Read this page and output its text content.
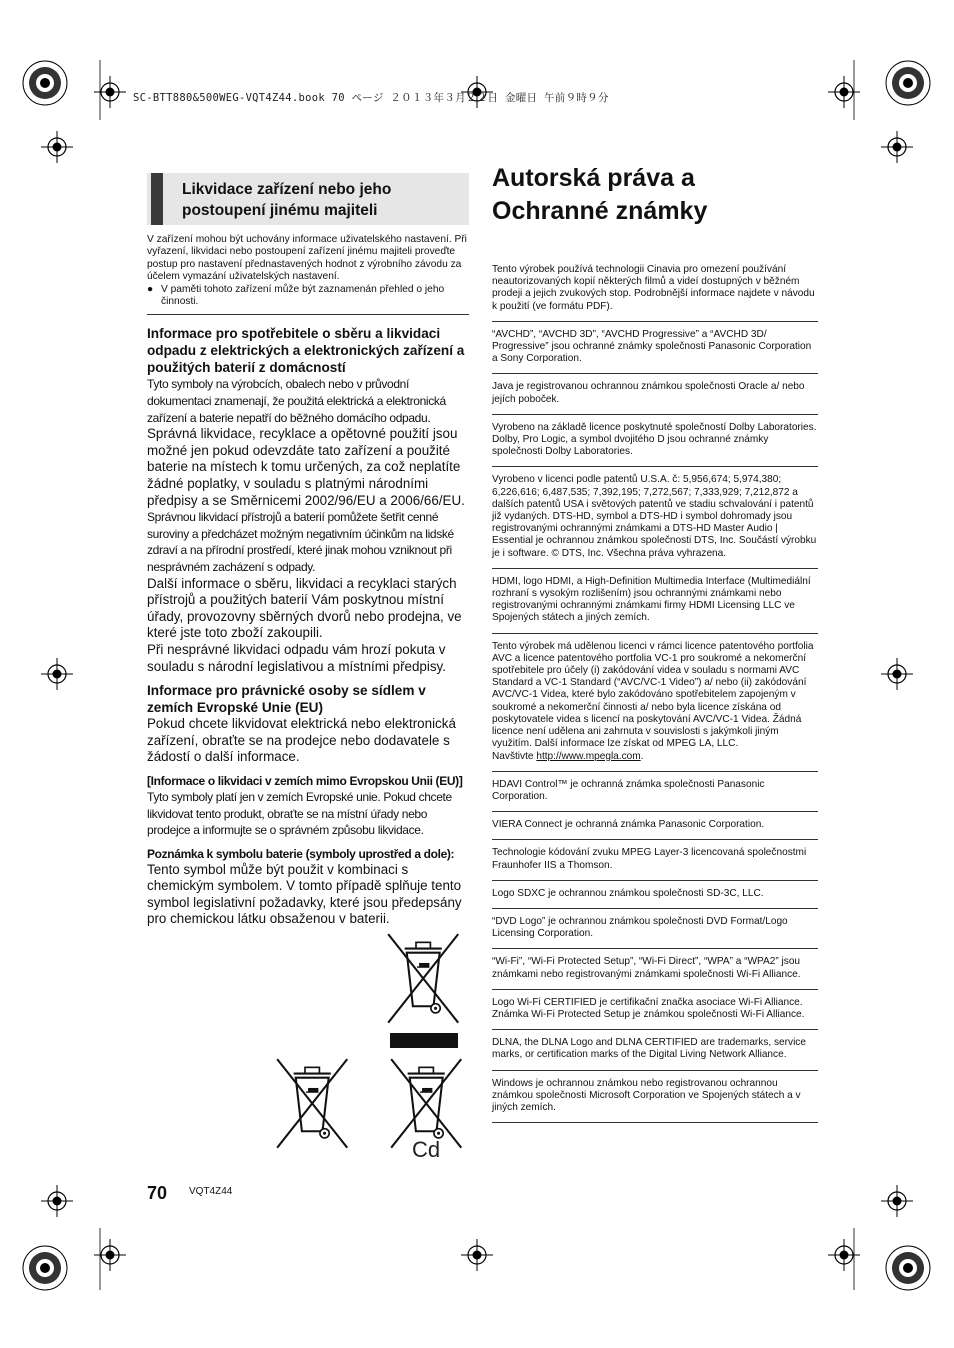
SC-BTT880&500WEG-VQT4Z44.book 70 ページ ２０１３年３月２２日 金曜日 午前９時９分
Likvidace zařízení nebo jeho
postoupení jinému majiteli
V zařízení mohou být uchovány informace uživatelského nastavení. Při vyřazení, likvidaci nebo postoupení zařízení jinému majiteli proveďte postup pro nastavení přednastavených hodnot z výrobního závodu za účelem vymazání uživatelských nastavení.
● V paměti tohoto zařízení může být zaznamenán přehled o jeho činnosti.
Informace pro spotřebitele o sběru a likvidaci odpadu z elektrických a elektronických zařízení a použitých baterií z domácností
Tyto symboly na výrobcích, obalech nebo v průvodní dokumentaci znamenají, že použitá elektrická a elektronická zařízení a baterie nepatří do běžného domácího odpadu.
Správná likvidace, recyklace a opětovné použití jsou možné jen pokud odevzdáte tato zařízení a použité baterie na místech k tomu určených, za což neplatíte žádné poplatky, v souladu s platnými národními předpisy a se Směrnicemi 2002/96/EU a 2006/66/EU.
Správnou likvidací přístrojů a baterií pomůžete šetřit cenné suroviny a předcházet možným negativním účinkům na lidské zdraví a na přírodní prostředí, které jinak mohou vzniknout při nesprávném zacházení s odpady.
Další informace o sběru, likvidaci a recyklaci starých přístrojů a použitých baterií Vám poskytnou místní úřady, provozovny sběrných dvorů nebo prodejna, ve které jste toto zboží zakoupili.
Při nesprávné likvidaci odpadu vám hrozí pokuta v souladu s národní legislativou a místními předpisy.
Informace pro právnické osoby se sídlem v zemích Evropské Unie (EU)
Pokud chcete likvidovat elektrická nebo elektronická zařízení, obraťte se na prodejce nebo dodavatele s žádostí o další informace.
[Informace o likvidaci v zemích mimo Evropskou Unii (EU)]
Tyto symboly platí jen v zemích Evropské unie. Pokud chcete likvidovat tento produkt, obraťte se na místní úřady nebo prodejce a informujte se o správném způsobu likvidace.
Poznámka k symbolu baterie (symboly uprostřed a dole):
Tento symbol může být použit v kombinaci s chemickým symbolem. V tomto případě splňuje tento symbol legislativní požadavky, které jsou předepsány pro chemickou látku obsaženou v baterii.
Cd
Autorská práva a
Ochranné známky
Tento výrobek používá technologii Cinavia pro omezení používání neautorizovaných kopií některých filmů a videí dostupných v běžném prodeji a jejich zvukových stop. Podrobnější informace najdete v návodu k použití (ve formátu PDF).
“AVCHD”, “AVCHD 3D”, “AVCHD Progressive” a “AVCHD 3D/ Progressive” jsou ochranné známky společnosti Panasonic Corporation a Sony Corporation.
Java je registrovanou ochrannou známkou společnosti Oracle a/ nebo jejích poboček.
Vyrobeno na základě licence poskytnuté společností Dolby Laboratories.
Dolby, Pro Logic, a symbol dvojitého D jsou ochranné známky společnosti Dolby Laboratories.
Vyrobeno v licenci podle patentů U.S.A. č: 5,956,674; 5,974,380; 6,226,616; 6,487,535; 7,392,195; 7,272,567; 7,333,929; 7,212,872 a dalších patentů USA i světových patentů ve stadiu schvalování i patentů již vydaných. DTS-HD, symbol a DTS-HD i symbol dohromady jsou registrovanými ochrannými známkami a DTS-HD Master Audio | Essential je ochrannou známkou společnosti DTS, Inc. Součástí výrobku je i software. © DTS, Inc. Všechna práva vyhrazena.
HDMI, logo HDMI, a High-Definition Multimedia Interface (Multimediální rozhraní s vysokým rozlišením) jsou ochrannými známkami nebo registrovanými ochrannými známkami firmy HDMI Licensing LLC ve Spojených státech a jiných zemích.
Tento výrobek má udělenou licenci v rámci licence patentového portfolia AVC a licence patentového portfolia VC-1 pro soukromé a nekomerční spotřebitele pro účely (i) zakódování videa v souladu s normami AVC Standard a VC-1 Standard (“AVC/VC-1 Video”) a/ nebo (ii) zakódování AVC/VC-1 Videa, které bylo zakódováno spotřebitelem zapojeným v soukromé a nekomerční činnosti a/ nebo byla licence získána od poskytovatele videa s licencí na poskytování AVC/VC-1 Videa. Žádná licence není udělena ani zahrnuta v souvislosti s jakýmkoli jiným využitím. Další informace lze získat od MPEG LA, LLC.
Navštivte http://www.mpegla.com.
HDAVI Control™ je ochranná známka společnosti Panasonic Corporation.
VIERA Connect je ochranná známka Panasonic Corporation.
Technologie kódování zvuku MPEG Layer-3 licencovaná společnostmi Fraunhofer IIS a Thomson.
Logo SDXC je ochrannou známkou společnosti SD-3C, LLC.
“DVD Logo” je ochrannou známkou společnosti DVD Format/Logo Licensing Corporation.
“Wi-Fi”, “Wi-Fi Protected Setup”, “Wi-Fi Direct”, “WPA” a “WPA2” jsou známkami nebo registrovanými známkami společnosti Wi-Fi Alliance.
Logo Wi-Fi CERTIFIED je certifikační značka asociace Wi-Fi Alliance.
Známka Wi-Fi Protected Setup je známkou společnosti Wi-Fi Alliance.
DLNA, the DLNA Logo and DLNA CERTIFIED are trademarks, service marks, or certification marks of the Digital Living Network Alliance.
Windows je ochrannou známkou nebo registrovanou ochrannou známkou společnosti Microsoft Corporation ve Spojených státech a v jiných zemích.
70 VQT4Z44
